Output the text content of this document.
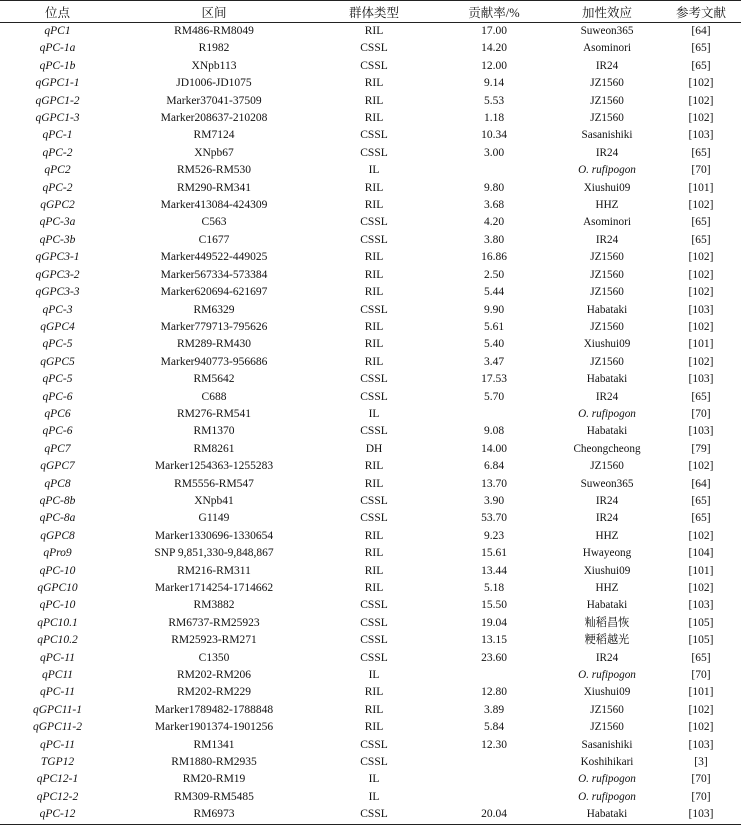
位点	区间	群体类型	贡献率/%	加性效应	参考文献
qPC1	RM486-RM8049	RIL	17.00	Suweon365	[64]
qPC-1a	R1982	CSSL	14.20	Asominori	[65]
qPC-1b	XNpb113	CSSL	12.00	IR24	[65]
qGPC1-1	JD1006-JD1075	RIL	9.14	JZ1560	[102]
qGPC1-2	Marker37041-37509	RIL	5.53	JZ1560	[102]
qGPC1-3	Marker208637-210208	RIL	1.18	JZ1560	[102]
qPC-1	RM7124	CSSL	10.34	Sasanishiki	[103]
qPC-2	XNpb67	CSSL	3.00	IR24	[65]
qPC2	RM526-RM530	IL		O. rufipogon	[70]
qPC-2	RM290-RM341	RIL	9.80	Xiushui09	[101]
qGPC2	Marker413084-424309	RIL	3.68	HHZ	[102]
qPC-3a	C563	CSSL	4.20	Asominori	[65]
qPC-3b	C1677	CSSL	3.80	IR24	[65]
qGPC3-1	Marker449522-449025	RIL	16.86	JZ1560	[102]
qGPC3-2	Marker567334-573384	RIL	2.50	JZ1560	[102]
qGPC3-3	Marker620694-621697	RIL	5.44	JZ1560	[102]
qPC-3	RM6329	CSSL	9.90	Habataki	[103]
qGPC4	Marker779713-795626	RIL	5.61	JZ1560	[102]
qPC-5	RM289-RM430	RIL	5.40	Xiushui09	[101]
qGPC5	Marker940773-956686	RIL	3.47	JZ1560	[102]
qPC-5	RM5642	CSSL	17.53	Habataki	[103]
qPC-6	C688	CSSL	5.70	IR24	[65]
qPC6	RM276-RM541	IL		O. rufipogon	[70]
qPC-6	RM1370	CSSL	9.08	Habataki	[103]
qPC7	RM8261	DH	14.00	Cheongcheong	[79]
qGPC7	Marker1254363-1255283	RIL	6.84	JZ1560	[102]
qPC8	RM5556-RM547	RIL	13.70	Suweon365	[64]
qPC-8b	XNpb41	CSSL	3.90	IR24	[65]
qPC-8a	G1149	CSSL	53.70	IR24	[65]
qGPC8	Marker1330696-1330654	RIL	9.23	HHZ	[102]
qPro9	SNP 9,851,330-9,848,867	RIL	15.61	Hwayeong	[104]
qPC-10	RM216-RM311	RIL	13.44	Xiushui09	[101]
qGPC10	Marker1714254-1714662	RIL	5.18	HHZ	[102]
qPC-10	RM3882	CSSL	15.50	Habataki	[103]
qPC10.1	RM6737-RM25923	CSSL	19.04	籼稻昌恢	[105]
qPC10.2	RM25923-RM271	CSSL	13.15	粳稻越光	[105]
qPC-11	C1350	CSSL	23.60	IR24	[65]
qPC11	RM202-RM206	IL		O. rufipogon	[70]
qPC-11	RM202-RM229	RIL	12.80	Xiushui09	[101]
qGPC11-1	Marker1789482-1788848	RIL	3.89	JZ1560	[102]
qGPC11-2	Marker1901374-1901256	RIL	5.84	JZ1560	[102]
qPC-11	RM1341	CSSL	12.30	Sasanishiki	[103]
TGP12	RM1880-RM2935	CSSL		Koshihikari	[3]
qPC12-1	RM20-RM19	IL		O. rufipogon	[70]
qPC12-2	RM309-RM5485	IL		O. rufipogon	[70]
qPC-12	RM6973	CSSL	20.04	Habataki	[103]
